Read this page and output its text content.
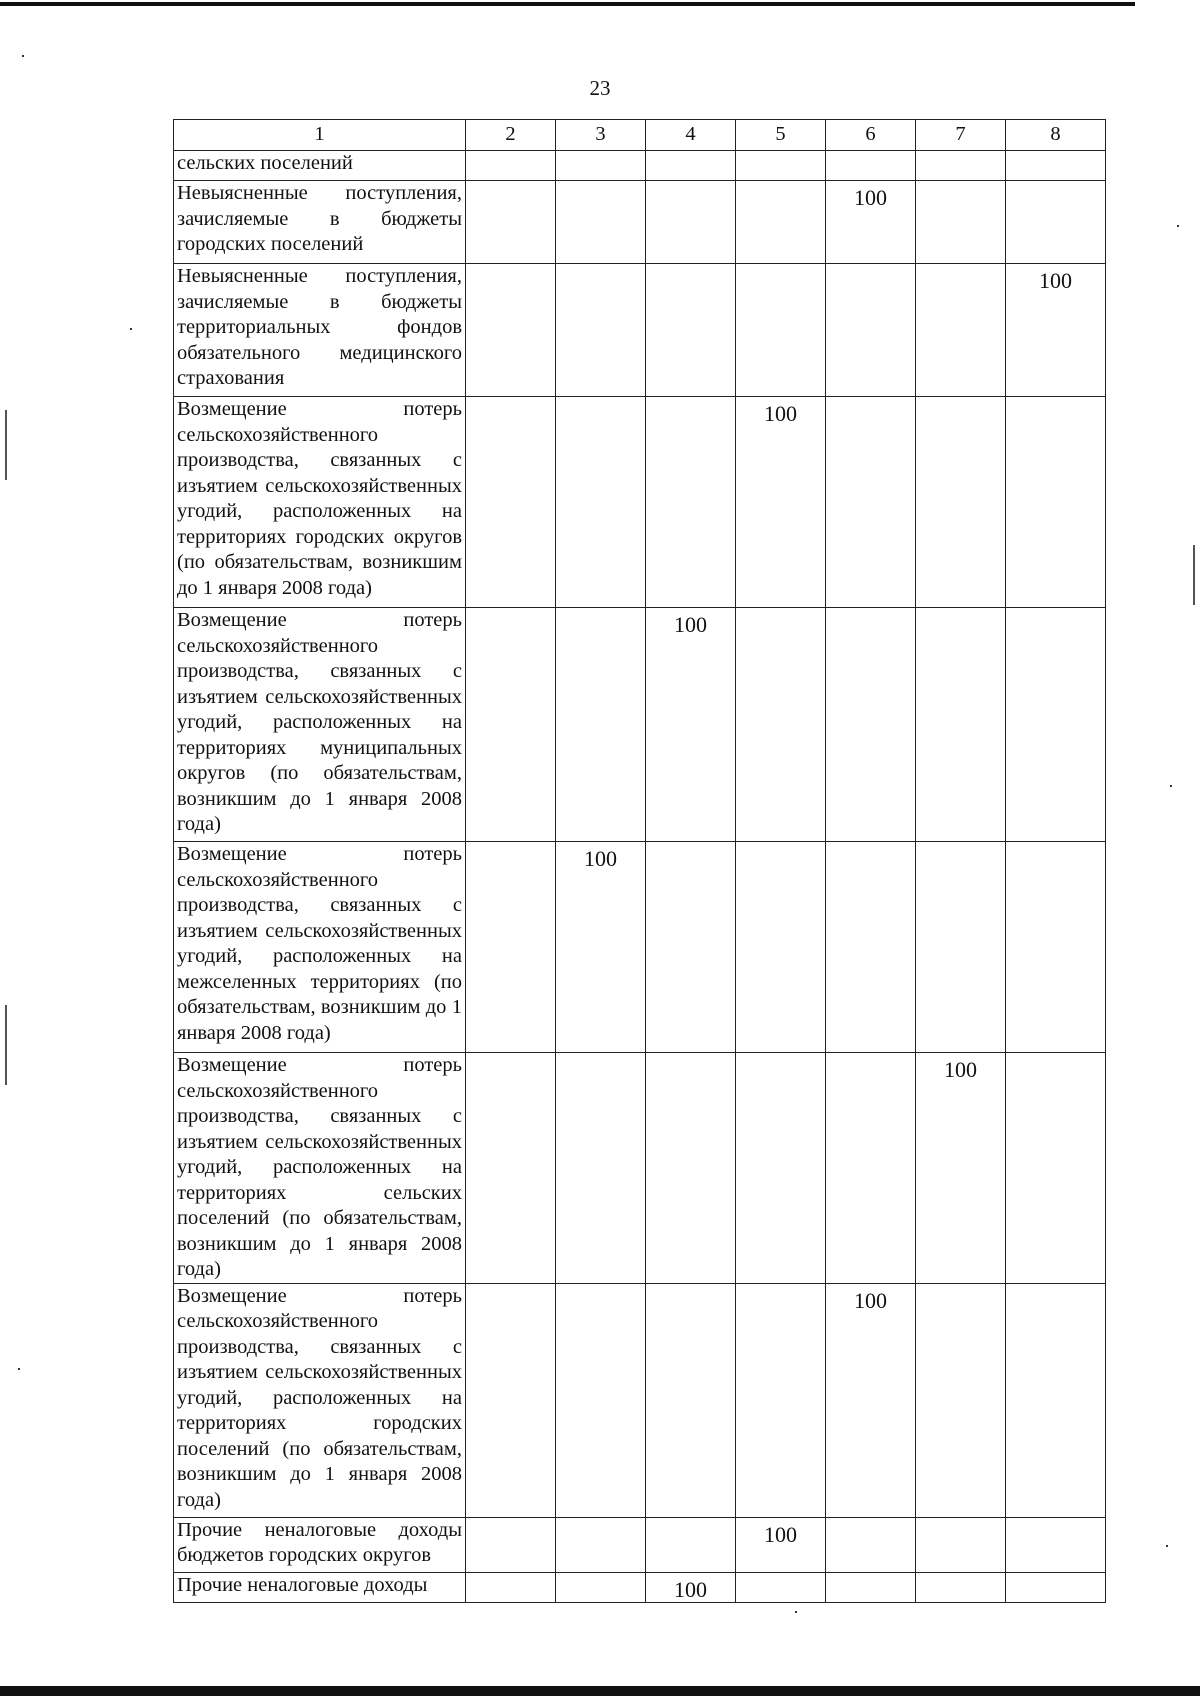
23
1	2	3	4	5	6	7	8
сельских поселений							
Невыясненные поступления, зачисляемые в бюджеты городских поселений					100		
Невыясненные поступления, зачисляемые в бюджеты территориальных фондов обязательного медицинского страхования							100
Возмещение потерь сельскохозяйственного производства, связанных с изъятием сельскохозяйственных угодий, расположенных на территориях городских округов (по обязательствам, возникшим до 1 января 2008 года)				100			
Возмещение потерь сельскохозяйственного производства, связанных с изъятием сельскохозяйственных угодий, расположенных на территориях муниципальных округов (по обязательствам, возникшим до 1 января 2008 года)			100				
Возмещение потерь сельскохозяйственного производства, связанных с изъятием сельскохозяйственных угодий, расположенных на межселенных территориях (по обязательствам, возникшим до 1 января 2008 года)		100					
Возмещение потерь сельскохозяйственного производства, связанных с изъятием сельскохозяйственных угодий, расположенных на территориях сельских поселений (по обязательствам, возникшим до 1 января 2008 года)						100	
Возмещение потерь сельскохозяйственного производства, связанных с изъятием сельскохозяйственных угодий, расположенных на территориях городских поселений (по обязательствам, возникшим до 1 января 2008 года)					100		
Прочие неналоговые доходы бюджетов городских округов				100			
Прочие неналоговые доходы			100				
